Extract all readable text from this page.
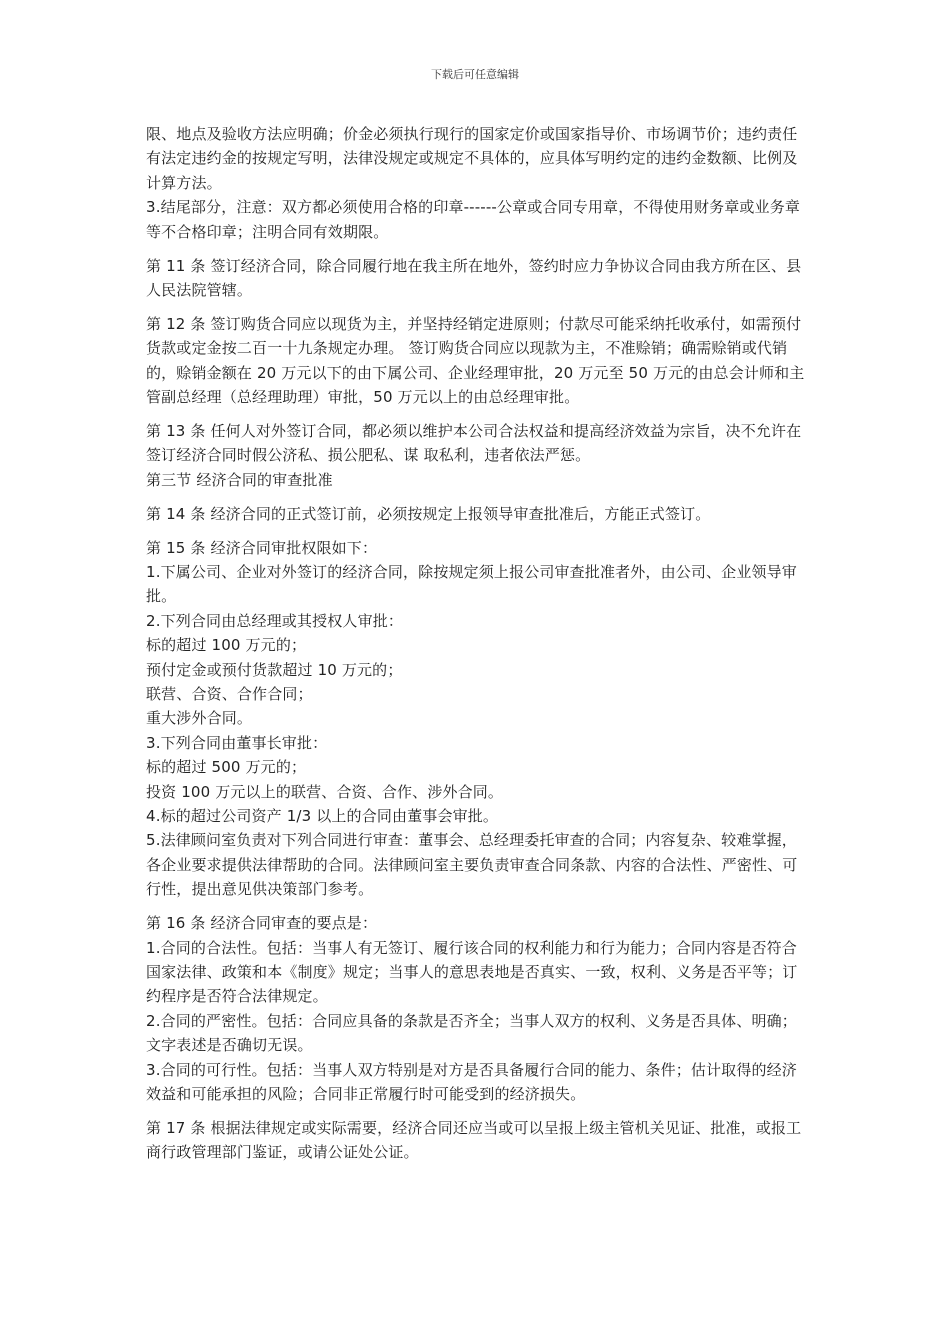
下载后可任意编辑
限、地点及验收方法应明确；价金必须执行现行的国家定价或国家指导价、市场调节价；违约责任有法定违约金的按规定写明，法律没规定或规定不具体的，应具体写明约定的违约金数额、比例及计算方法。
3.结尾部分，注意：双方都必须使用合格的印章------公章或合同专用章，不得使用财务章或业务章等不合格印章；注明合同有效期限。
第 11 条 签订经济合同，除合同履行地在我主所在地外，签约时应力争协议合同由我方所在区、县人民法院管辖。
第 12 条 签订购货合同应以现货为主，并坚持经销定进原则；付款尽可能采纳托收承付，如需预付货款或定金按二百一十九条规定办理。 签订购货合同应以现款为主，不准赊销；确需赊销或代销的，赊销金额在 20 万元以下的由下属公司、企业经理审批，20 万元至 50 万元的由总会计师和主管副总经理（总经理助理）审批，50 万元以上的由总经理审批。
第 13 条 任何人对外签订合同，都必须以维护本公司合法权益和提高经济效益为宗旨，决不允许在签订经济合同时假公济私、损公肥私、谋 取私利，违者依法严惩。
第三节 经济合同的审查批准
第 14 条 经济合同的正式签订前，必须按规定上报领导审查批准后，方能正式签订。
第 15 条 经济合同审批权限如下：
1.下属公司、企业对外签订的经济合同，除按规定须上报公司审查批准者外，由公司、企业领导审批。
2.下列合同由总经理或其授权人审批：
标的超过 100 万元的；
预付定金或预付货款超过 10 万元的；
联营、合资、合作合同；
重大涉外合同。
3.下列合同由董事长审批：
标的超过 500 万元的；
投资 100 万元以上的联营、合资、合作、涉外合同。
4.标的超过公司资产 1/3 以上的合同由董事会审批。
5.法律顾问室负责对下列合同进行审查：董事会、总经理委托审查的合同；内容复杂、较难掌握，各企业要求提供法律帮助的合同。法律顾问室主要负责审查合同条款、内容的合法性、严密性、可行性，提出意见供决策部门参考。
第 16 条 经济合同审查的要点是：
1.合同的合法性。包括：当事人有无签订、履行该合同的权利能力和行为能力；合同内容是否符合国家法律、政策和本《制度》规定；当事人的意思表地是否真实、一致，权利、义务是否平等；订约程序是否符合法律规定。
2.合同的严密性。包括：合同应具备的条款是否齐全；当事人双方的权利、义务是否具体、明确；文字表述是否确切无误。
3.合同的可行性。包括：当事人双方特别是对方是否具备履行合同的能力、条件；估计取得的经济效益和可能承担的风险；合同非正常履行时可能受到的经济损失。
第 17 条 根据法律规定或实际需要，经济合同还应当或可以呈报上级主管机关见证、批准，或报工商行政管理部门鉴证，或请公证处公证。
